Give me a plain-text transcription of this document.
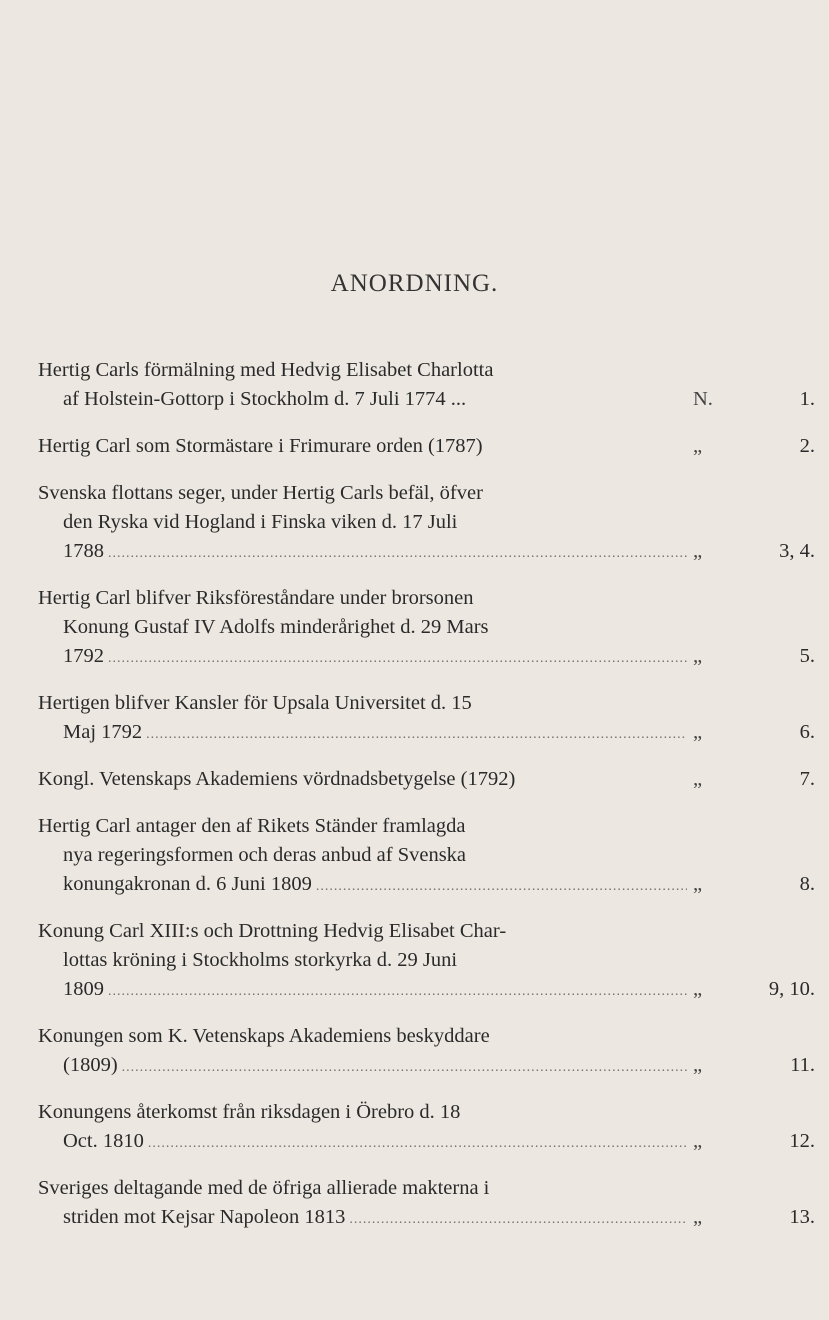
ANORDNING.
Hertig Carls förmälning med Hedvig Elisabet Charlotta
af Holstein-Gottorp i Stockholm d. 7 Juli 1774 ...	N.	1.
Hertig Carl som Stormästare i Frimurare orden (1787)	„	2.
Svenska flottans seger, under Hertig Carls befäl, öfver
den Ryska vid Hogland i Finska viken d. 17 Juli
1788 .....	„	3, 4.
Hertig Carl blifver Riksföreståndare under brorsonen
Konung Gustaf IV Adolfs minderårighet d. 29 Mars
1792 .....	„	5.
Hertigen blifver Kansler för Upsala Universitet d. 15
Maj 1792 .....	„	6.
Kongl. Vetenskaps Akademiens vördnadsbetygelse (1792)	„	7.
Hertig Carl antager den af Rikets Ständer framlagda
nya regeringsformen och deras anbud af Svenska
konungakronan d. 6 Juni 1809 .....	„	8.
Konung Carl XIII:s och Drottning Hedvig Elisabet Char-
lottas kröning i Stockholms storkyrka d. 29 Juni
1809 .....	„	9, 10.
Konungen som K. Vetenskaps Akademiens beskyddare
(1809) .....	„	11.
Konungens återkomst från riksdagen i Örebro d. 18
Oct. 1810 .....	„	12.
Sveriges deltagande med de öfriga allierade makterna i
striden mot Kejsar Napoleon 1813 .....	„	13.
